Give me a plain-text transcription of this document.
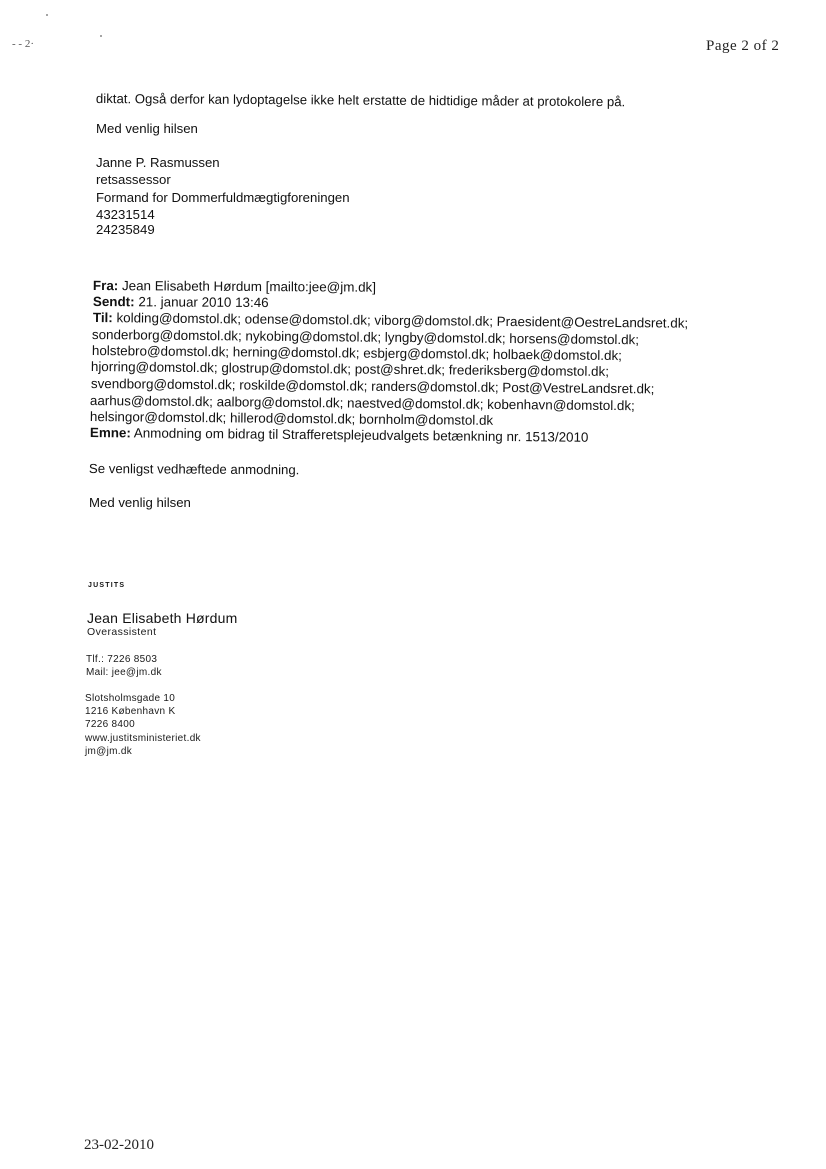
- - 2·	Page 2 of 2
diktat. Også derfor kan lydoptagelse ikke helt erstatte de hidtidige måder at protokolere på.
Med venlig hilsen
Janne P. Rasmussen
retsassessor
Formand for Dommerfuldmægtigforeningen
43231514
24235849
Fra: Jean Elisabeth Hørdum [mailto:jee@jm.dk]
Sendt: 21. januar 2010 13:46
Til: kolding@domstol.dk; odense@domstol.dk; viborg@domstol.dk; Praesident@OestreLandsret.dk;
sonderborg@domstol.dk; nykobing@domstol.dk; lyngby@domstol.dk; horsens@domstol.dk;
holstebro@domstol.dk; herning@domstol.dk; esbjerg@domstol.dk; holbaek@domstol.dk;
hjorring@domstol.dk; glostrup@domstol.dk; post@shret.dk; frederiksberg@domstol.dk;
svendborg@domstol.dk; roskilde@domstol.dk; randers@domstol.dk; Post@VestreLandsret.dk;
aarhus@domstol.dk; aalborg@domstol.dk; naestved@domstol.dk; kobenhavn@domstol.dk;
helsingor@domstol.dk; hillerod@domstol.dk; bornholm@domstol.dk
Emne: Anmodning om bidrag til Strafferetsplejeudvalgets betænkning nr. 1513/2010
Se venligst vedhæftede anmodning.
Med venlig hilsen
JUSTITS
Jean Elisabeth Hørdum
Overassistent
Tlf.: 7226 8503
Mail: jee@jm.dk
Slotsholmsgade 10
1216 København K
7226 8400
www.justitsministeriet.dk
jm@jm.dk
23-02-2010
